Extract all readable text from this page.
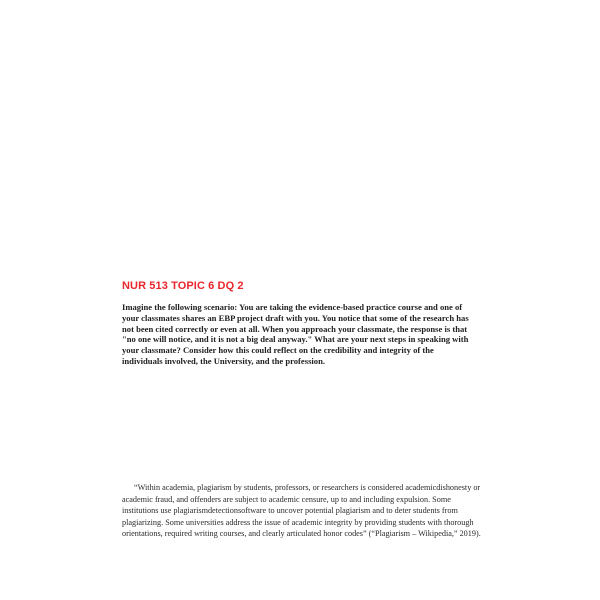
NUR 513 TOPIC 6 DQ 2

Imagine the following scenario: You are taking the evidence-based practice course and one of your classmates shares an EBP project draft with you. You notice that some of the research has not been cited correctly or even at all. When you approach your classmate, the response is that "no one will notice, and it is not a big deal anyway." What are your next steps in speaking with your classmate? Consider how this could reflect on the credibility and integrity of the individuals involved, the University, and the profession.

“Within academia, plagiarism by students, professors, or researchers is considered academicdishonesty or academic fraud, and offenders are subject to academic censure, up to and including expulsion. Some institutions use plagiarismdetectionsoftware to uncover potential plagiarism and to deter students from plagiarizing. Some universities address the issue of academic integrity by providing students with thorough orientations, required writing courses, and clearly articulated honor codes” (“Plagiarism – Wikipedia,” 2019).
